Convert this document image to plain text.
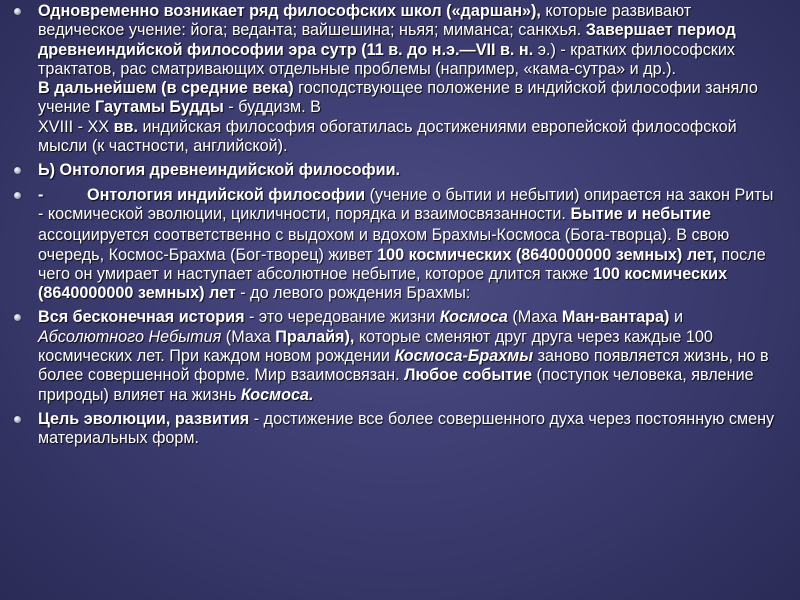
Одновременно возникает ряд философских школ («даршан»), которые развивают ведическое учение: йога; веданта; вайшешина; ньяя; миманса; санкхья. Завершает период древнеиндийской философии эра сутр (11 в. до н.э.—VII в. н. э.) - кратких философских трактатов, рас сматривающих отдельные проблемы (например, «кама-сутра» и др.).
В дальнейшем (в средние века) господствующее положение в индийской философии заняло учение Гаутамы Будды - буддизм. В
XVIII - XX вв. индийская философия обогатилась достижениями европейской философской мысли (к частности, английской).
Ь) Онтология древнеиндийской философии.
-	Онтология индийской философии (учение о бытии и небытии) опирается на закон Риты - космической эволюции, цикличности, порядка и взаимосвязанности. Бытие и небытие
ассоциируется соответственно с выдохом и вдохом Брахмы-Космоса (Бога-творца). В свою очередь, Космос-Брахма (Бог-творец) живет 100 космических (8640000000 земных) лет, после чего он умирает и наступает абсолютное небытие, которое длится также 100 космических (8640000000 земных) лет - до левого рождения Брахмы:
Вся бесконечная история - это чередование жизни Космоса (Маха Ман-вантара) и Абсолютного Небытия (Маха Пралайя), которые сменяют друг друга через каждые 100 космических лет. При каждом новом рождении Космоса-Брахмы заново появляется жизнь, но в более совершенной форме. Мир взаимосвязан. Любое событие (поступок человека, явление природы) влияет на жизнь Космоса.
Цель эволюции, развития - достижение все более совершенного духа через постоянную смену материальных форм.
